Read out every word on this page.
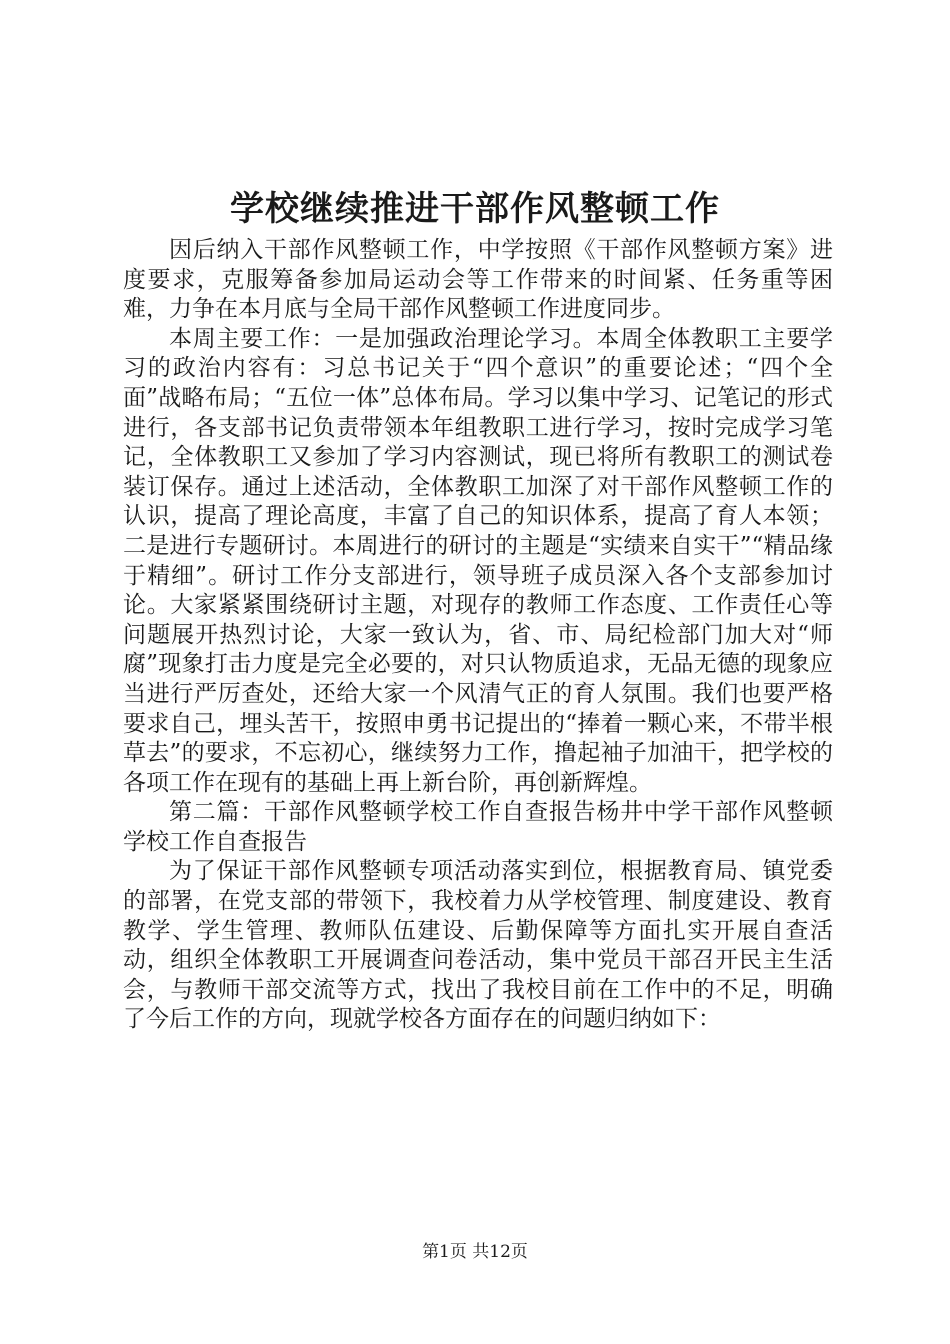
学校继续推进干部作风整顿工作

因后纳入干部作风整顿工作，中学按照《干部作风整顿方案》进度要求，克服筹备参加局运动会等工作带来的时间紧、任务重等困难，力争在本月底与全局干部作风整顿工作进度同步。

本周主要工作：一是加强政治理论学习。本周全体教职工主要学习的政治内容有：习总书记关于“四个意识”的重要论述；“四个全面”战略布局；“五位一体”总体布局。学习以集中学习、记笔记的形式进行，各支部书记负责带领本年组教职工进行学习，按时完成学习笔记，全体教职工又参加了学习内容测试，现已将所有教职工的测试卷装订保存。通过上述活动，全体教职工加深了对干部作风整顿工作的认识，提高了理论高度，丰富了自己的知识体系，提高了育人本领；二是进行专题研讨。本周进行的研讨的主题是“实绩来自实干”“精品缘于精细”。研讨工作分支部进行，领导班子成员深入各个支部参加讨论。大家紧紧围绕研讨主题，对现存的教师工作态度、工作责任心等问题展开热烈讨论，大家一致认为，省、市、局纪检部门加大对“师腐”现象打击力度是完全必要的，对只认物质追求，无品无德的现象应当进行严厉查处，还给大家一个风清气正的育人氛围。我们也要严格要求自己，埋头苦干，按照申勇书记提出的“捧着一颗心来，不带半根草去”的要求，不忘初心，继续努力工作，撸起袖子加油干，把学校的各项工作在现有的基础上再上新台阶，再创新辉煌。

第二篇：干部作风整顿学校工作自查报告杨井中学干部作风整顿学校工作自查报告

为了保证干部作风整顿专项活动落实到位，根据教育局、镇党委的部署，在党支部的带领下，我校着力从学校管理、制度建设、教育教学、学生管理、教师队伍建设、后勤保障等方面扎实开展自查活动，组织全体教职工开展调查问卷活动，集中党员干部召开民主生活会，与教师干部交流等方式，找出了我校目前在工作中的不足，明确了今后工作的方向，现就学校各方面存在的问题归纳如下：

第1页 共12页
